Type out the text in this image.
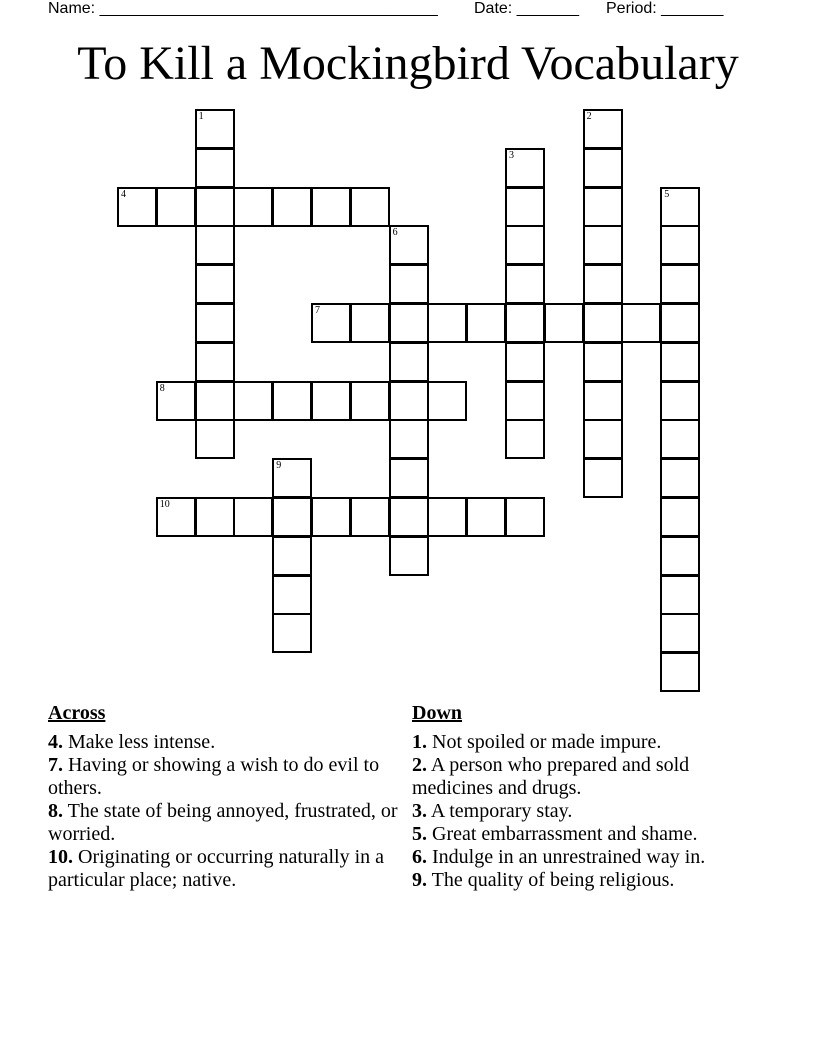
Name: ______________________________________ Date: _______ Period: _______
To Kill a Mockingbird Vocabulary
1	2
3
4	5
6
7
8
9
10
Across
4. Make less intense.
7. Having or showing a wish to do evil to others.
8. The state of being annoyed, frustrated, or worried.
10. Originating or occurring naturally in a particular place; native.
Down
1. Not spoiled or made impure.
2. A person who prepared and sold medicines and drugs.
3. A temporary stay.
5. Great embarrassment and shame.
6. Indulge in an unrestrained way in.
9. The quality of being religious.
